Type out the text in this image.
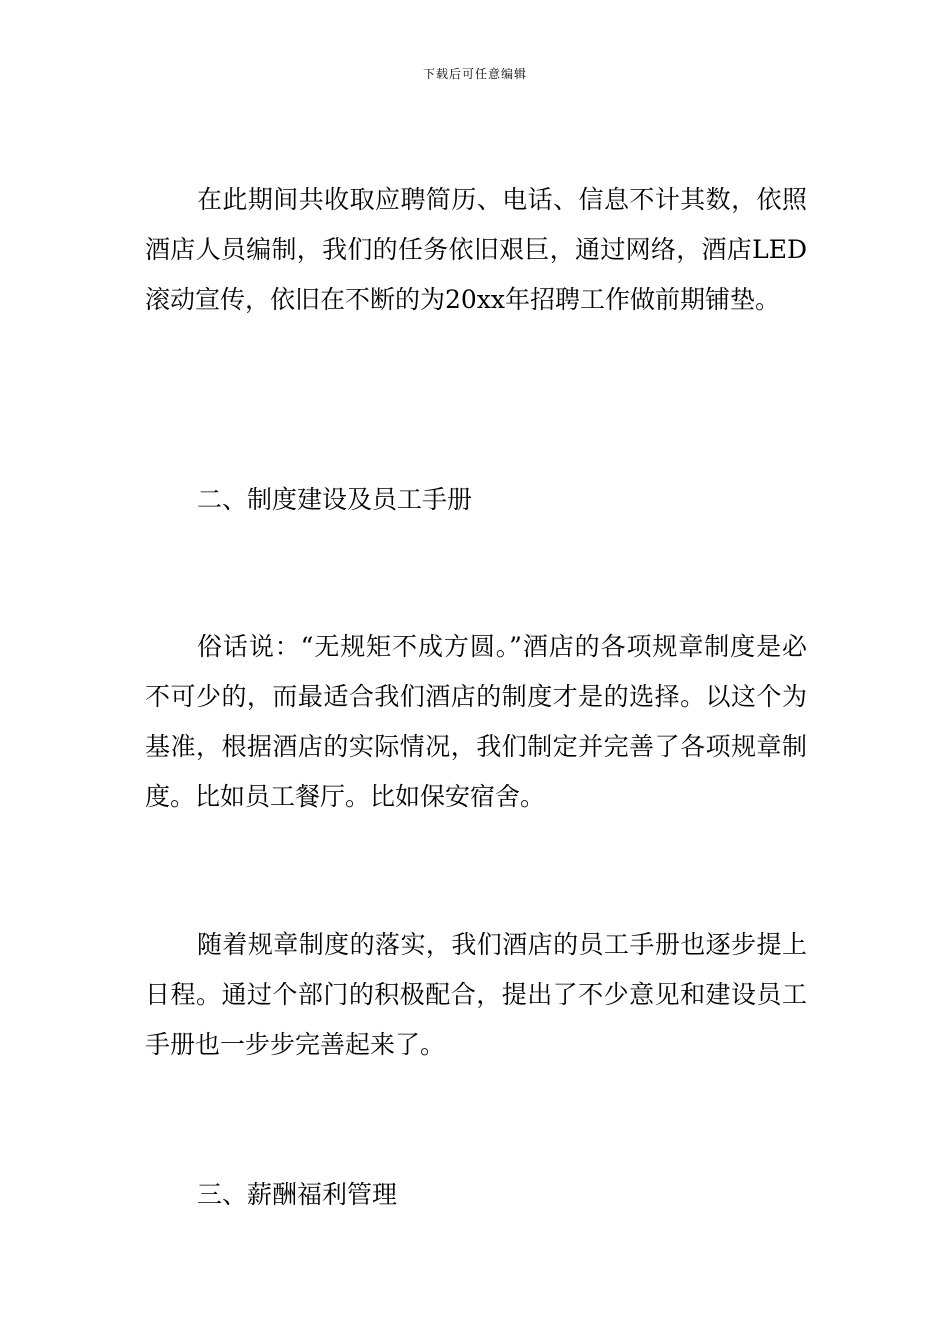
下载后可任意编辑
在此期间共收取应聘简历、电话、信息不计其数，依照酒店人员编制，我们的任务依旧艰巨，通过网络，酒店LED滚动宣传，依旧在不断的为20xx年招聘工作做前期铺垫。
二、制度建设及员工手册
俗话说：“无规矩不成方圆。”酒店的各项规章制度是必不可少的，而最适合我们酒店的制度才是的选择。以这个为基准，根据酒店的实际情况，我们制定并完善了各项规章制度。比如员工餐厅。比如保安宿舍。
随着规章制度的落实，我们酒店的员工手册也逐步提上日程。通过个部门的积极配合，提出了不少意见和建设员工手册也一步步完善起来了。
三、薪酬福利管理
